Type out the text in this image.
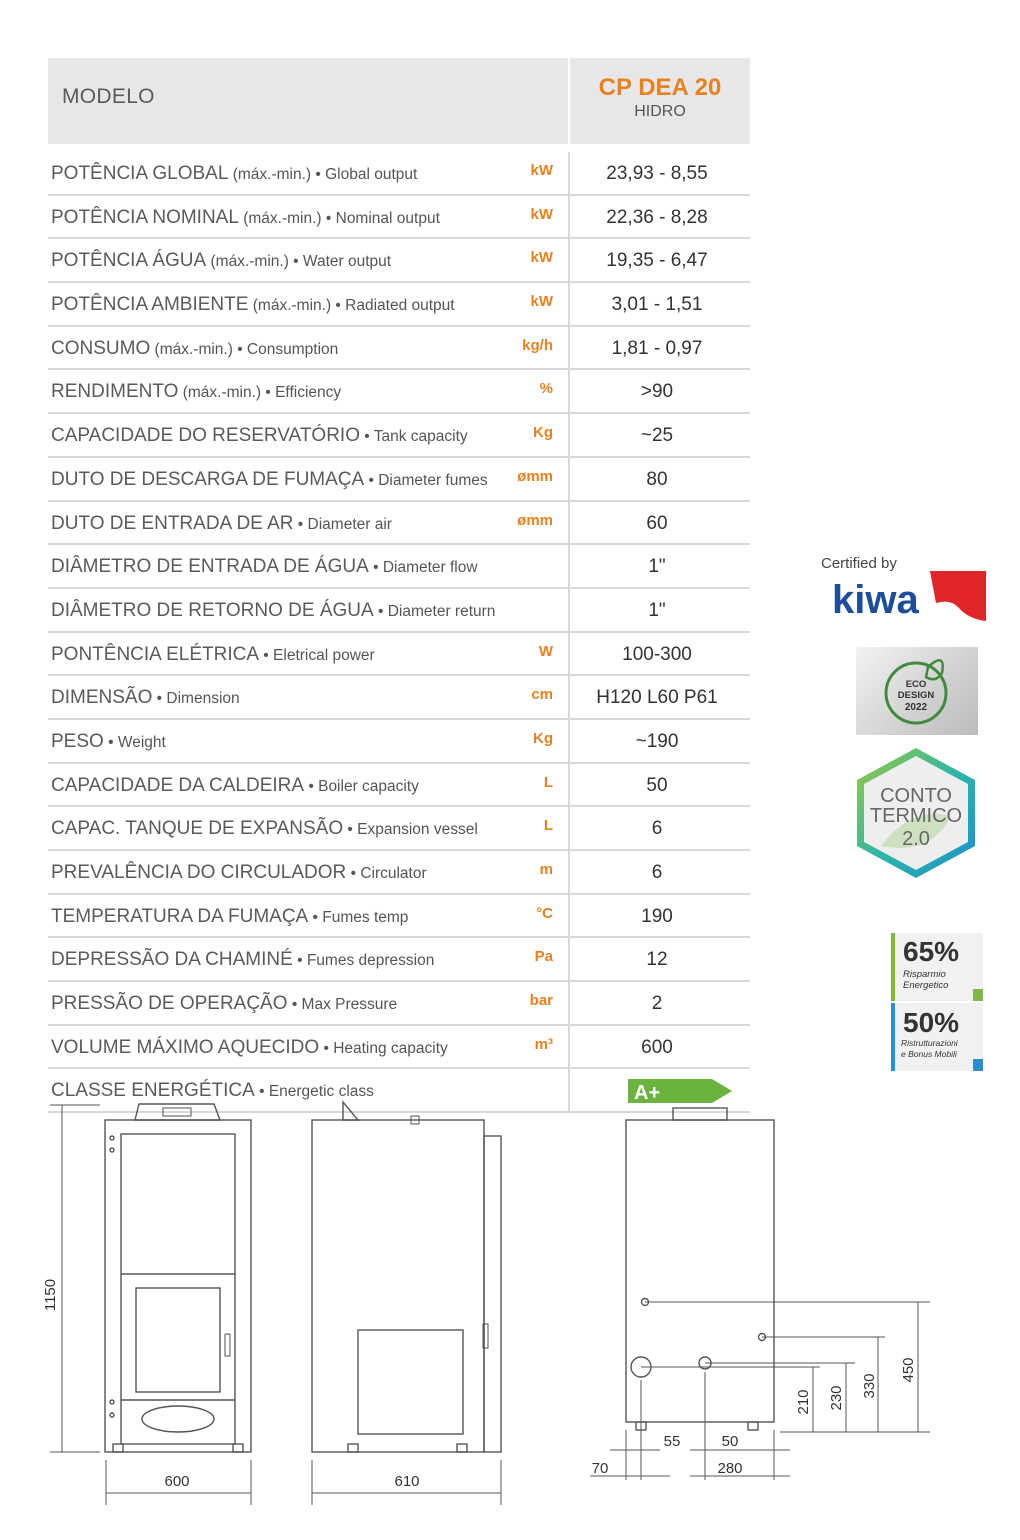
MODELO	CP DEA 20
HIDRO
POTÊNCIA GLOBAL (máx.-min.) • Global output	kW	23,93 - 8,55
POTÊNCIA NOMINAL (máx.-min.) • Nominal output	kW	22,36 - 8,28
POTÊNCIA ÁGUA (máx.-min.) • Water output	kW	19,35 - 6,47
POTÊNCIA AMBIENTE (máx.-min.) • Radiated output	kW	3,01 - 1,51
CONSUMO (máx.-min.) • Consumption	kg/h	1,81 - 0,97
RENDIMENTO (máx.-min.) • Efficiency	%	>90
CAPACIDADE DO RESERVATÓRIO • Tank capacity	Kg	~25
DUTO DE DESCARGA DE FUMAÇA • Diameter fumes	ømm	80
DUTO DE ENTRADA DE AR • Diameter air	ømm	60
DIÂMETRO DE ENTRADA DE ÁGUA • Diameter flow	1"
DIÂMETRO DE RETORNO DE ÁGUA • Diameter return	1"
PONTÊNCIA ELÉTRICA • Eletrical power	W	100-300
DIMENSÃO • Dimension	cm	H120 L60 P61
PESO • Weight	Kg	~190
CAPACIDADE DA CALDEIRA • Boiler capacity	L	50
CAPAC. TANQUE DE EXPANSÃO • Expansion vessel	L	6
PREVALÊNCIA DO CIRCULADOR • Circulator	m	6
TEMPERATURA DA FUMAÇA • Fumes temp	°C	190
DEPRESSÃO DA CHAMINÉ • Fumes depression	Pa	12
PRESSÃO DE OPERAÇÃO • Max Pressure	bar	2
VOLUME MÁXIMO AQUECIDO • Heating capacity	m³	600
CLASSE ENERGÉTICA • Energetic class	A+
Certified by
kiwa
ECO
DESIGN
2022
CONTO
TERMICO
2.0
65%
Risparmio
Energetico
50%
Ristrutturazioni
e Bonus Mobili
1150
600	610
450
330
230
210
55	50
70	280
